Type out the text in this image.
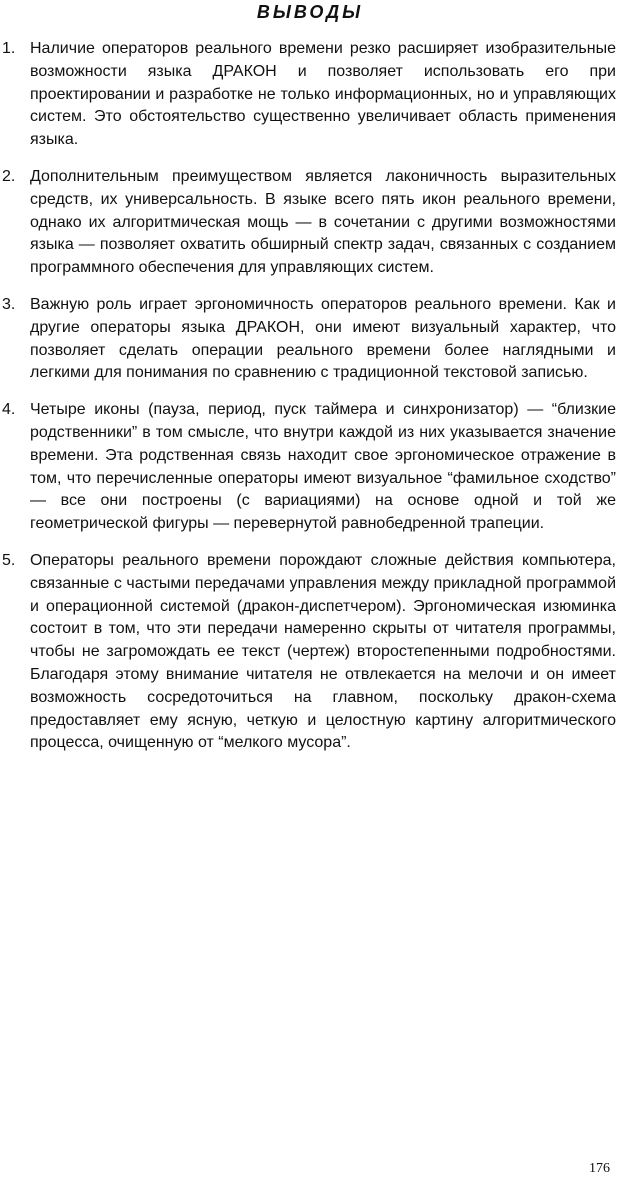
ВЫВОДЫ
1. Наличие операторов реального времени резко расширяет изобразительные возможности языка ДРАКОН и позволяет использовать его при проектировании и разработке не только информационных, но и управляющих систем. Это обстоятельство существенно увеличивает область применения языка.
2. Дополнительным преимуществом является лаконичность выразительных средств, их универсальность. В языке всего пять икон реального времени, однако их алгоритмическая мощь — в сочетании с другими возможностями языка — позволяет охватить обширный спектр задач, связанных с созданием программного обеспечения для управляющих систем.
3. Важную роль играет эргономичность операторов реального времени. Как и другие операторы языка ДРАКОН, они имеют визуальный характер, что позволяет сделать операции реального времени более наглядными и легкими для понимания по сравнению с традиционной текстовой записью.
4. Четыре иконы (пауза, период, пуск таймера и синхронизатор) — “близкие родственники” в том смысле, что внутри каждой из них указывается значение времени. Эта родственная связь находит свое эргономическое отражение в том, что перечисленные операторы имеют визуальное “фамильное сходство” — все они построены (с вариациями) на основе одной и той же геометрической фигуры — перевернутой равнобедренной трапеции.
5. Операторы реального времени порождают сложные действия компьютера, связанные с частыми передачами управления между прикладной программой и операционной системой (дракон-диспетчером). Эргономическая изюминка состоит в том, что эти передачи намеренно скрыты от читателя программы, чтобы не загромождать ее текст (чертеж) второстепенными подробностями. Благодаря этому внимание читателя не отвлекается на мелочи и он имеет возможность сосредоточиться на главном, поскольку дракон-схема предоставляет ему ясную, четкую и целостную картину алгоритмического процесса, очищенную от “мелкого мусора”.
176
